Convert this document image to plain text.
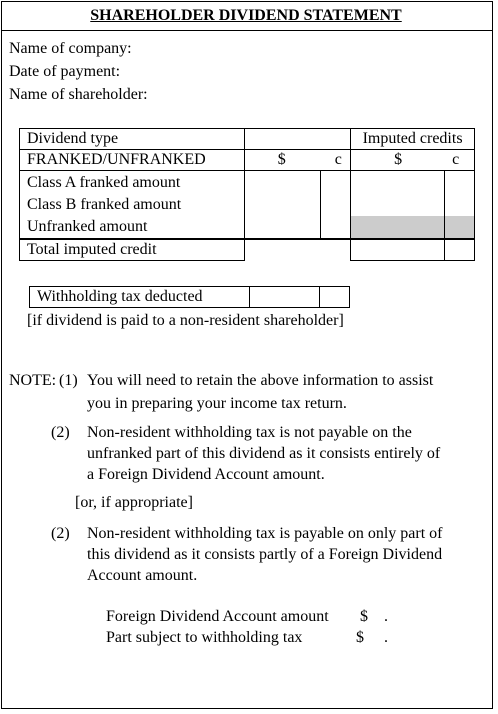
SHAREHOLDER DIVIDEND STATEMENT
Name of company:
Date of payment:
Name of shareholder:
Dividend type			Imputed credits	
FRANKED/UNFRANKED	$ c		$ c	

Class A franked amount
Class B franked amount
Unfranked amount				

Total imputed credit				
Withholding tax deducted		
[if dividend is paid to a non-resident shareholder]
NOTE: (1) You will need to retain the above information to assist
you in preparing your income tax return.
(2) Non-resident withholding tax is not payable on the
unfranked part of this dividend as it consists entirely of
a Foreign Dividend Account amount.
[or, if appropriate]
(2) Non-resident withholding tax is payable on only part of
this dividend as it consists partly of a Foreign Dividend
Account amount.
Foreign Dividend Account amount $ .
Part subject to withholding tax	$ .
